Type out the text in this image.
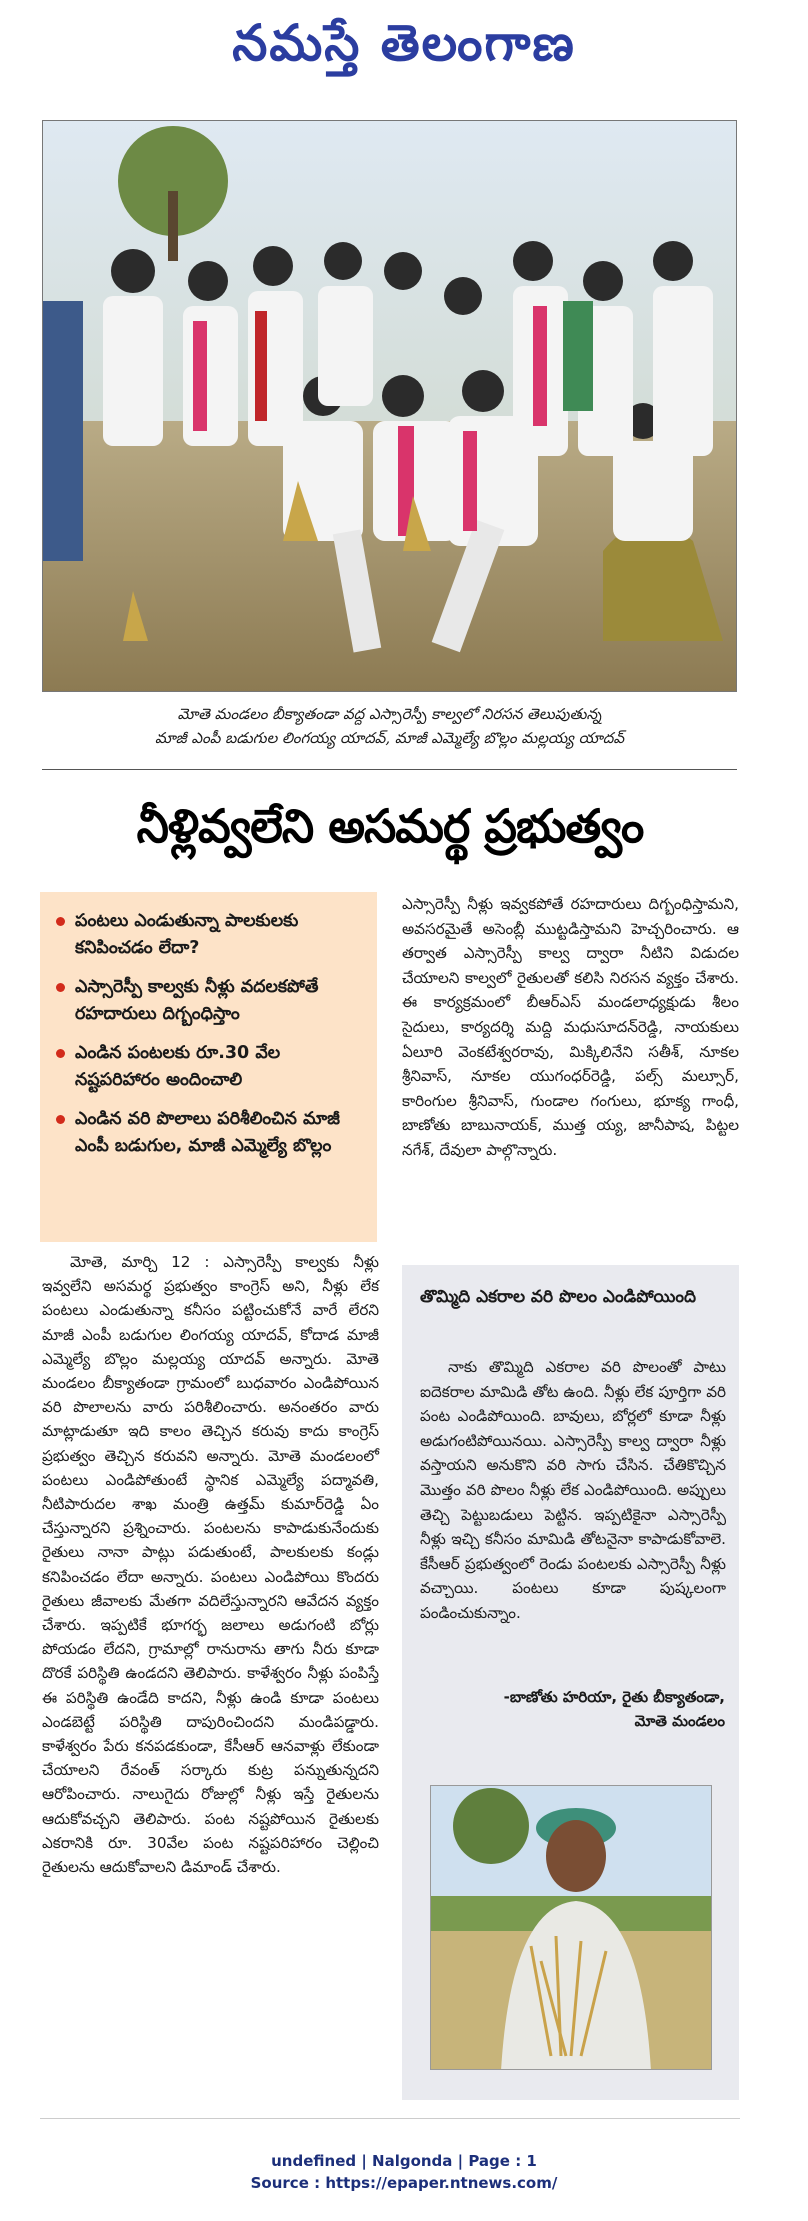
నమస్తే తెలంగాణ
మోతె మండలం బీక్యాతండా వద్ద ఎస్సారెస్పీ కాల్వలో నిరసన తెలుపుతున్న
మాజీ ఎంపీ బడుగుల లింగయ్య యాదవ్, మాజీ ఎమ్మెల్యే బొల్లం మల్లయ్య యాదవ్
నీళ్లివ్వలేని అసమర్థ ప్రభుత్వం
పంటలు ఎండుతున్నా పాలకులకు కనిపించడం లేదా?
ఎస్సారెస్పీ కాల్వకు నీళ్లు వదలకపోతే రహదారులు దిగ్బంధిస్తాం
ఎండిన పంటలకు రూ.30 వేల నష్టపరిహారం అందించాలి
ఎండిన వరి పొలాలు పరిశీలించిన మాజీ ఎంపీ బడుగుల, మాజీ ఎమ్మెల్యే బొల్లం
ఎస్సారెస్పీ నీళ్లు ఇవ్వకపోతే రహదారులు దిగ్బంధిస్తామని, అవసరమైతే అసెంబ్లీ ముట్టడిస్తామని హెచ్చరించారు. ఆ తర్వాత ఎస్సారెస్పీ కాల్వ ద్వారా నీటిని విడుదల చేయాలని కాల్వలో రైతులతో కలిసి నిరసన వ్యక్తం చేశారు. ఈ కార్యక్రమంలో బీఆర్ఎస్ మండలాధ్యక్షుడు శీలం సైదులు, కార్యదర్శి మద్ది మధుసూదన్‌రెడ్డి, నాయకులు ఏలూరి వెంకటేశ్వరరావు, మిక్కిలినేని సతీశ్, నూకల శ్రీనివాస్, నూకల యుగంధర్‌రెడ్డి, పల్స్ మల్సూర్, కారింగుల శ్రీనివాస్, గుండాల గంగులు, భూక్య గాంధీ, బాణోతు బాబునాయక్, ముత్త య్య, జానీపాష, పిట్టల నగేశ్, దేవులా పాల్గొన్నారు.
మోతె, మార్చి 12 : ఎస్సారెస్పీ కాల్వకు నీళ్లు ఇవ్వలేని అసమర్థ ప్రభుత్వం కాంగ్రెస్ అని, నీళ్లు లేక పంటలు ఎండుతున్నా కనీసం పట్టించుకోనే వారే లేరని మాజీ ఎంపీ బడుగుల లింగయ్య యాదవ్, కోదాడ మాజీ ఎమ్మెల్యే బొల్లం మల్లయ్య యాదవ్ అన్నారు. మోతె మండలం బీక్యాతండా గ్రామంలో బుధవారం ఎండిపోయిన వరి పొలాలను వారు పరిశీలించారు. అనంతరం వారు మాట్లాడుతూ ఇది కాలం తెచ్చిన కరువు కాదు కాంగ్రెస్ ప్రభుత్వం తెచ్చిన కరువని అన్నారు. మోతె మండలంలో పంటలు ఎండిపోతుంటే స్థానిక ఎమ్మెల్యే పద్మావతి, నీటిపారుదల శాఖ మంత్రి ఉత్తమ్ కుమార్‌రెడ్డి ఏం చేస్తున్నారని ప్రశ్నించారు. పంటలను కాపాడుకునేందుకు రైతులు నానా పాట్లు పడుతుంటే, పాలకులకు కండ్లు కనిపించడం లేదా అన్నారు. పంటలు ఎండిపోయి కొందరు రైతులు జీవాలకు మేతగా వదిలేస్తున్నారని ఆవేదన వ్యక్తం చేశారు. ఇప్పటికే భూగర్భ జలాలు అడుగంటి బోర్లు పోయడం లేదని, గ్రామాల్లో రానురాను తాగు నీరు కూడా దొరకే పరిస్థితి ఉండదని తెలిపారు. కాళేశ్వరం నీళ్లు పంపిస్తే ఈ పరిస్థితి ఉండేది కాదని, నీళ్లు ఉండి కూడా పంటలు ఎండబెట్టే పరిస్థితి దాపురించిందని మండిపడ్డారు. కాళేశ్వరం పేరు కనపడకుండా, కేసీఆర్ ఆనవాళ్లు లేకుండా చేయాలని రేవంత్ సర్కారు కుట్ర పన్నుతున్నదని ఆరోపించారు. నాలుగైదు రోజుల్లో నీళ్లు ఇస్తే రైతులను ఆదుకోవచ్చని తెలిపారు. పంట నష్టపోయిన రైతులకు ఎకరానికి రూ. 30వేల పంట నష్టపరిహారం చెల్లించి రైతులను ఆదుకోవాలని డిమాండ్ చేశారు.
తొమ్మిది ఎకరాల వరి పొలం ఎండిపోయింది
నాకు తొమ్మిది ఎకరాల వరి పొలంతో పాటు ఐదెకరాల మామిడి తోట ఉంది. నీళ్లు లేక పూర్తిగా వరి పంట ఎండిపోయింది. బావులు, బోర్లలో కూడా నీళ్లు అడుగంటిపోయినయి. ఎస్సారెస్పీ కాల్వ ద్వారా నీళ్లు వస్తాయని అనుకొని వరి సాగు చేసిన. చేతికొచ్చిన మొత్తం వరి పొలం నీళ్లు లేక ఎండిపోయింది. అప్పులు తెచ్చి పెట్టుబడులు పెట్టిన. ఇప్పటికైనా ఎస్సారెస్పీ నీళ్లు ఇచ్చి కనీసం మామిడి తోటనైనా కాపాడుకోవాలె. కేసీఆర్ ప్రభుత్వంలో రెండు పంటలకు ఎస్సారెస్పీ నీళ్లు వచ్చాయి. పంటలు కూడా పుష్కలంగా పండించుకున్నాం.
-బాణోతు హరియా, రైతు బీక్యాతండా,
మోతె మండలం
undefined | Nalgonda | Page : 1
Source : https://epaper.ntnews.com/
